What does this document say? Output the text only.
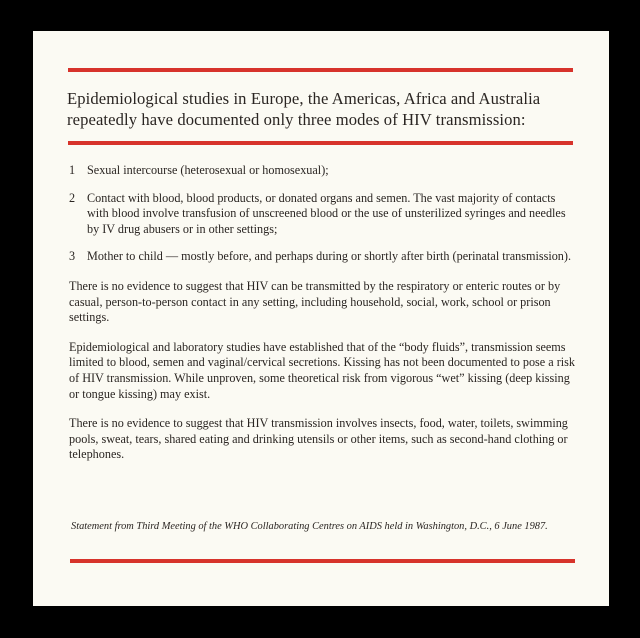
Epidemiological studies in Europe, the Americas, Africa and Australia repeatedly have documented only three modes of HIV transmission:
1 Sexual intercourse (heterosexual or homosexual);
2 Contact with blood, blood products, or donated organs and semen. The vast majority of contacts with blood involve transfusion of unscreened blood or the use of unsterilized syringes and needles by IV drug abusers or in other settings;
3 Mother to child — mostly before, and perhaps during or shortly after birth (perinatal transmission).

There is no evidence to suggest that HIV can be transmitted by the respiratory or enteric routes or by casual, person-to-person contact in any setting, including household, social, work, school or prison settings.

Epidemiological and laboratory studies have established that of the “body fluids”, transmission seems limited to blood, semen and vaginal/cervical secretions. Kissing has not been documented to pose a risk of HIV transmission. While unproven, some theoretical risk from vigorous “wet” kissing (deep kissing or tongue kissing) may exist.

There is no evidence to suggest that HIV transmission involves insects, food, water, toilets, swimming pools, sweat, tears, shared eating and drinking utensils or other items, such as second-hand clothing or telephones.

Statement from Third Meeting of the WHO Collaborating Centres on AIDS held in Washington, D.C., 6 June 1987.
